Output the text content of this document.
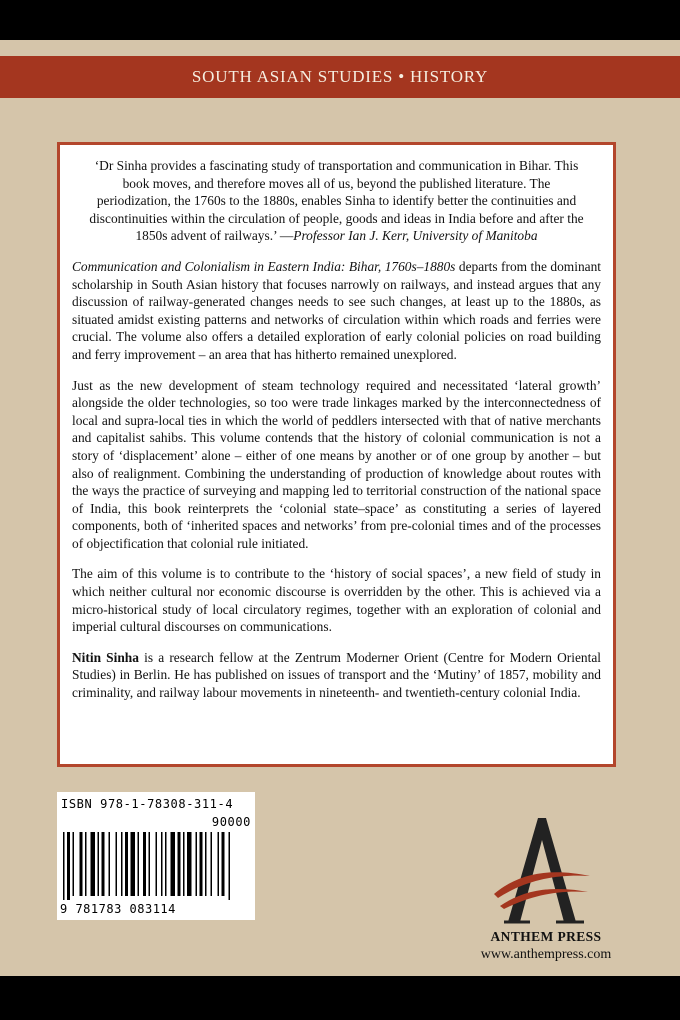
SOUTH ASIAN STUDIES • HISTORY

‘Dr Sinha provides a fascinating study of transportation and communication in Bihar. This book moves, and therefore moves all of us, beyond the published literature. The periodization, the 1760s to the 1880s, enables Sinha to identify better the continuities and discontinuities within the circulation of people, goods and ideas in India before and after the 1850s advent of railways.’ —Professor Ian J. Kerr, University of Manitoba

Communication and Colonialism in Eastern India: Bihar, 1760s–1880s departs from the dominant scholarship in South Asian history that focuses narrowly on railways, and instead argues that any discussion of railway-generated changes needs to see such changes, at least up to the 1880s, as situated amidst existing patterns and networks of circulation within which roads and ferries were crucial. The volume also offers a detailed exploration of early colonial policies on road building and ferry improvement – an area that has hitherto remained unexplored.

Just as the new development of steam technology required and necessitated ‘lateral growth’ alongside the older technologies, so too were trade linkages marked by the interconnectedness of local and supra-local ties in which the world of peddlers intersected with that of native merchants and capitalist sahibs. This volume contends that the history of colonial communication is not a story of ‘displacement’ alone – either of one means by another or of one group by another – but also of realignment. Combining the understanding of production of knowledge about routes with the ways the practice of surveying and mapping led to territorial construction of the national space of India, this book reinterprets the ‘colonial state–space’ as constituting a series of layered components, both of ‘inherited spaces and networks’ from pre-colonial times and of the processes of objectification that colonial rule initiated.

The aim of this volume is to contribute to the ‘history of social spaces’, a new field of study in which neither cultural nor economic discourse is overridden by the other. This is achieved via a micro-historical study of local circulatory regimes, together with an exploration of colonial and imperial cultural discourses on communications.

Nitin Sinha is a research fellow at the Zentrum Moderner Orient (Centre for Modern Oriental Studies) in Berlin. He has published on issues of transport and the ‘Mutiny’ of 1857, mobility and criminality, and railway labour movements in nineteenth- and twentieth-century colonial India.

ISBN 978-1-78308-311-4
90000
9 781783 083114
ANTHEM PRESS
www.anthempress.com
